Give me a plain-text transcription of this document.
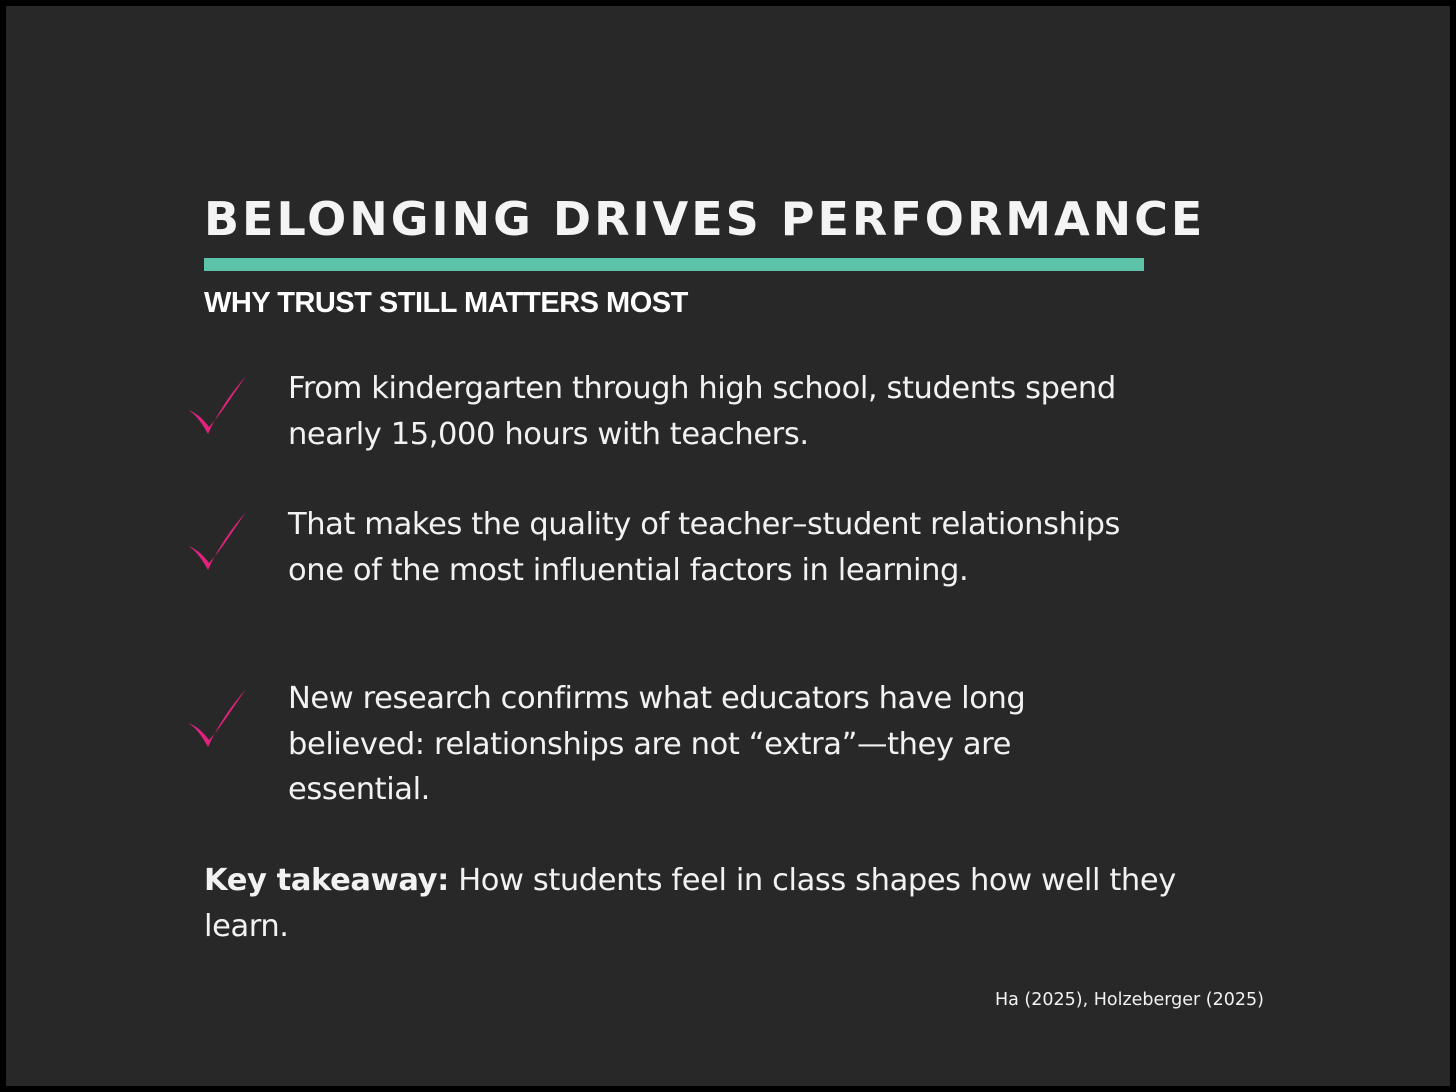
BELONGING DRIVES PERFORMANCE
WHY TRUST STILL MATTERS MOST

From kindergarten through high school, students spend nearly 15,000 hours with teachers.

That makes the quality of teacher–student relationships one of the most influential factors in learning.

New research confirms what educators have long believed: relationships are not “extra”—they are essential.

Key takeaway: How students feel in class shapes how well they learn.

Ha (2025), Holzeberger (2025)
